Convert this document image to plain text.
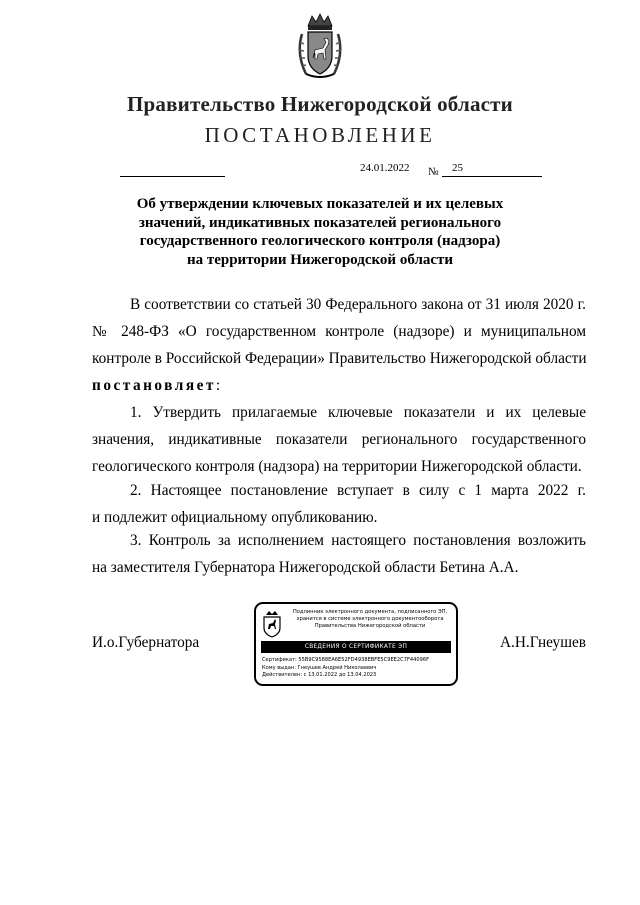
Правительство Нижегородской области
ПОСТАНОВЛЕНИЕ
24.01.2022 № 25
Об утверждении ключевых показателей и их целевых
значений, индикативных показателей регионального
государственного геологического контроля (надзора)
на территории Нижегородской области
В соответствии со статьей 30 Федерального закона от 31 июля 2020 г.
№ 248-ФЗ «О государственном контроле (надзоре) и муниципальном
контроле в Российской Федерации» Правительство Нижегородской области
постановляет:
1. Утвердить прилагаемые ключевые показатели и их целевые
значения, индикативные показатели регионального государственного
геологического контроля (надзора) на территории Нижегородской области.
2. Настоящее постановление вступает в силу с 1 марта 2022 г.
и подлежит официальному опубликованию.
3. Контроль за исполнением настоящего постановления возложить
на заместителя Губернатора Нижегородской области Бетина А.А.
И.о.Губернатора	А.Н.Гнеушев
Подлинник электронного документа, подписанного ЭП,
хранится в системе электронного документооборота
Правительства Нижегородской области
СВЕДЕНИЯ О СЕРТИФИКАТЕ ЭП
Сертификат: 55B9C9588EA6E52FD4938EBFE5C9EE2C7F44096F
Кому выдан: Гнеушев Андрей Николаевич
Действителен: с 13.01.2022 до 13.04.2023
